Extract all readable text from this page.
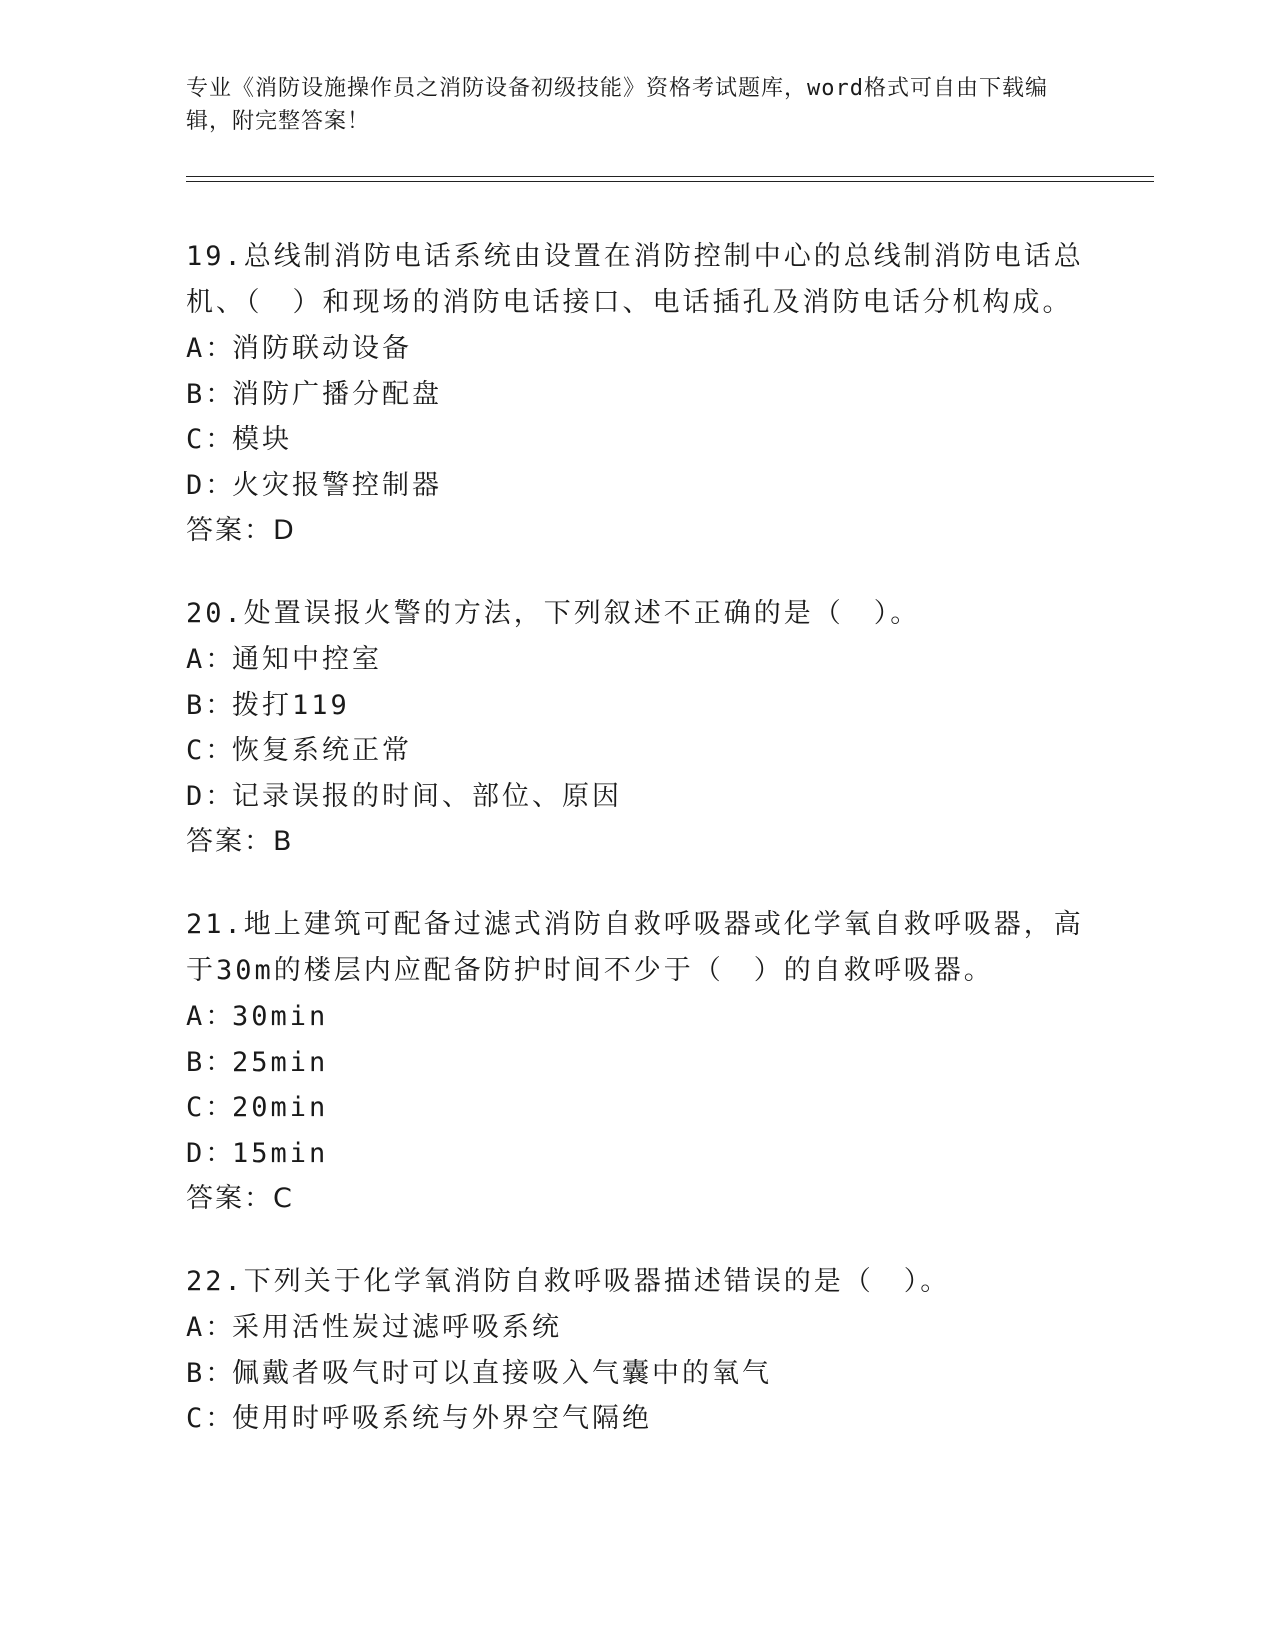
专业《消防设施操作员之消防设备初级技能》资格考试题库，word格式可自由下载编辑，附完整答案！
19.总线制消防电话系统由设置在消防控制中心的总线制消防电话总机、（　）和现场的消防电话接口、电话插孔及消防电话分机构成。
A：消防联动设备
B：消防广播分配盘
C：模块
D：火灾报警控制器
答案：D
20.处置误报火警的方法，下列叙述不正确的是（　）。
A：通知中控室
B：拨打119
C：恢复系统正常
D：记录误报的时间、部位、原因
答案：B
21.地上建筑可配备过滤式消防自救呼吸器或化学氧自救呼吸器，高于30m的楼层内应配备防护时间不少于（　）的自救呼吸器。
A：30min
B：25min
C：20min
D：15min
答案：C
22.下列关于化学氧消防自救呼吸器描述错误的是（　）。
A：采用活性炭过滤呼吸系统
B：佩戴者吸气时可以直接吸入气囊中的氧气
C：使用时呼吸系统与外界空气隔绝
